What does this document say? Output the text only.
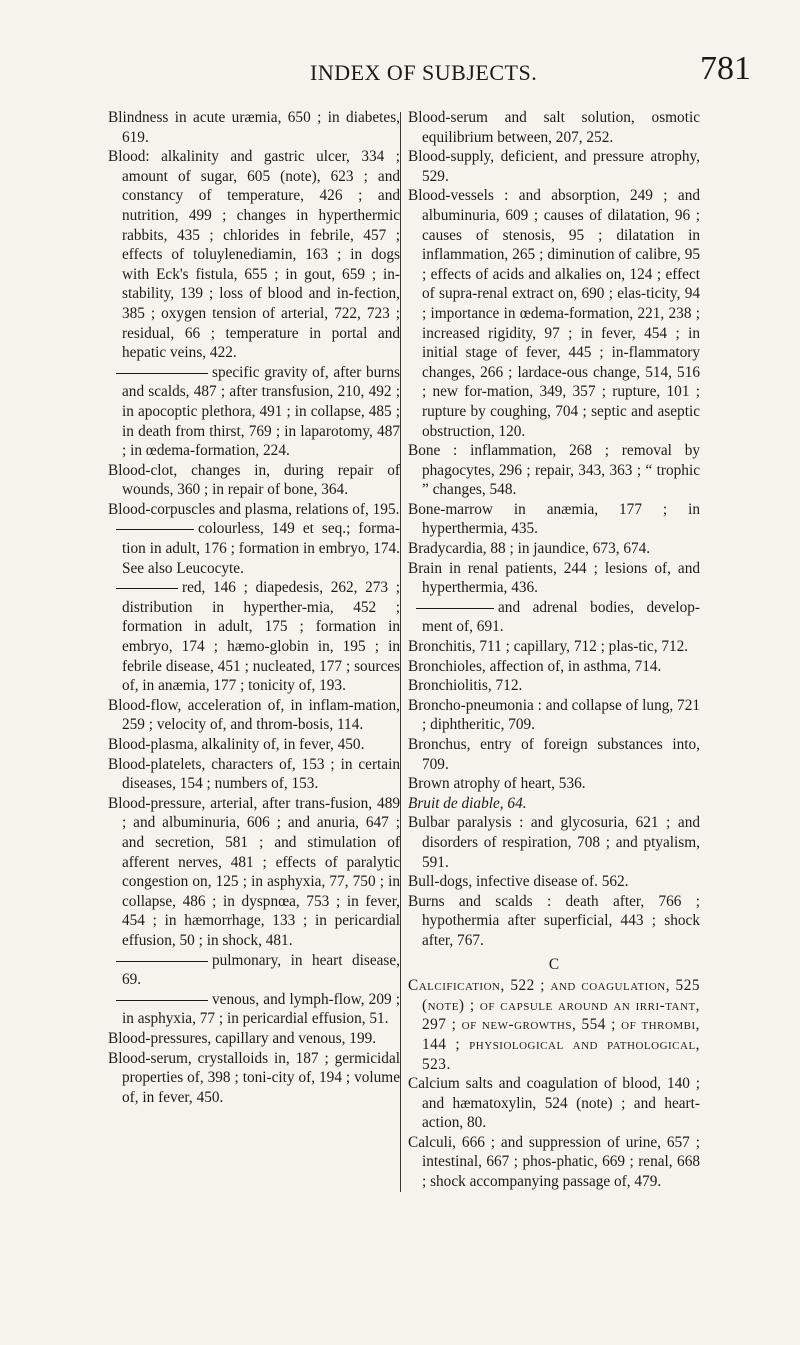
INDEX OF SUBJECTS.	781

Blindness in acute uræmia, 650 ; in diabetes, 619.

Blood: alkalinity and gastric ulcer, 334 ; amount of sugar, 605 (note), 623 ; and constancy of temperature, 426 ; and nutrition, 499 ; changes in hyperthermic rabbits, 435 ; chlorides in febrile, 457 ; effects of toluylenediamin, 163 ; in dogs with Eck's fistula, 655 ; in gout, 659 ; in-stability, 139 ; loss of blood and in-fection, 385 ; oxygen tension of arterial, 722, 723 ; residual, 66 ; temperature in portal and hepatic veins, 422.

specific gravity of, after burns and scalds, 487 ; after transfusion, 210, 492 ; in apocoptic plethora, 491 ; in collapse, 485 ; in death from thirst, 769 ; in laparotomy, 487 ; in œdema-formation, 224.

Blood-clot, changes in, during repair of wounds, 360 ; in repair of bone, 364.

Blood-corpuscles and plasma, relations of, 195.

colourless, 149 et seq.; forma-tion in adult, 176 ; formation in embryo, 174. See also Leucocyte.

red, 146 ; diapedesis, 262, 273 ; distribution in hyperther-mia, 452 ; formation in adult, 175 ; formation in embryo, 174 ; hæmo-globin in, 195 ; in febrile disease, 451 ; nucleated, 177 ; sources of, in anæmia, 177 ; tonicity of, 193.

Blood-flow, acceleration of, in inflam-mation, 259 ; velocity of, and throm-bosis, 114.

Blood-plasma, alkalinity of, in fever, 450.

Blood-platelets, characters of, 153 ; in certain diseases, 154 ; numbers of, 153.

Blood-pressure, arterial, after trans-fusion, 489 ; and albuminuria, 606 ; and anuria, 647 ; and secretion, 581 ; and stimulation of afferent nerves, 481 ; effects of paralytic congestion on, 125 ; in asphyxia, 77, 750 ; in collapse, 486 ; in dyspnœa, 753 ; in fever, 454 ; in hæmorrhage, 133 ; in pericardial effusion, 50 ; in shock, 481.

pulmonary, in heart disease, 69.

venous, and lymph-flow, 209 ; in asphyxia, 77 ; in pericardial effusion, 51.

Blood-pressures, capillary and venous, 199.

Blood-serum, crystalloids in, 187 ; germicidal properties of, 398 ; toni-city of, 194 ; volume of, in fever, 450.

Blood-serum and salt solution, osmotic equilibrium between, 207, 252.

Blood-supply, deficient, and pressure atrophy, 529.

Blood-vessels : and absorption, 249 ; and albuminuria, 609 ; causes of dilatation, 96 ; causes of stenosis, 95 ; dilatation in inflammation, 265 ; diminution of calibre, 95 ; effects of acids and alkalies on, 124 ; effect of supra-renal extract on, 690 ; elas-ticity, 94 ; importance in œdema-formation, 221, 238 ; increased rigidity, 97 ; in fever, 454 ; in initial stage of fever, 445 ; in-flammatory changes, 266 ; lardace-ous change, 514, 516 ; new for-mation, 349, 357 ; rupture, 101 ; rupture by coughing, 704 ; septic and aseptic obstruction, 120.

Bone : inflammation, 268 ; removal by phagocytes, 296 ; repair, 343, 363 ; “ trophic ” changes, 548.

Bone-marrow in anæmia, 177 ; in hyperthermia, 435.

Bradycardia, 88 ; in jaundice, 673, 674.

Brain in renal patients, 244 ; lesions of, and hyperthermia, 436.

and adrenal bodies, develop-ment of, 691.

Bronchitis, 711 ; capillary, 712 ; plas-tic, 712.

Bronchioles, affection of, in asthma, 714.

Bronchiolitis, 712.

Broncho-pneumonia : and collapse of lung, 721 ; diphtheritic, 709.

Bronchus, entry of foreign substances into, 709.

Brown atrophy of heart, 536.

Bruit de diable, 64.

Bulbar paralysis : and glycosuria, 621 ; and disorders of respiration, 708 ; and ptyalism, 591.

Bull-dogs, infective disease of. 562.

Burns and scalds : death after, 766 ; hypothermia after superficial, 443 ; shock after, 767.

C

Calcification, 522 ; and coagulation, 525 (note) ; of capsule around an irri-tant, 297 ; of new-growths, 554 ; of thrombi, 144 ; physiological and pathological, 523.

Calcium salts and coagulation of blood, 140 ; and hæmatoxylin, 524 (note) ; and heart-action, 80.

Calculi, 666 ; and suppression of urine, 657 ; intestinal, 667 ; phos-phatic, 669 ; renal, 668 ; shock accompanying passage of, 479.
